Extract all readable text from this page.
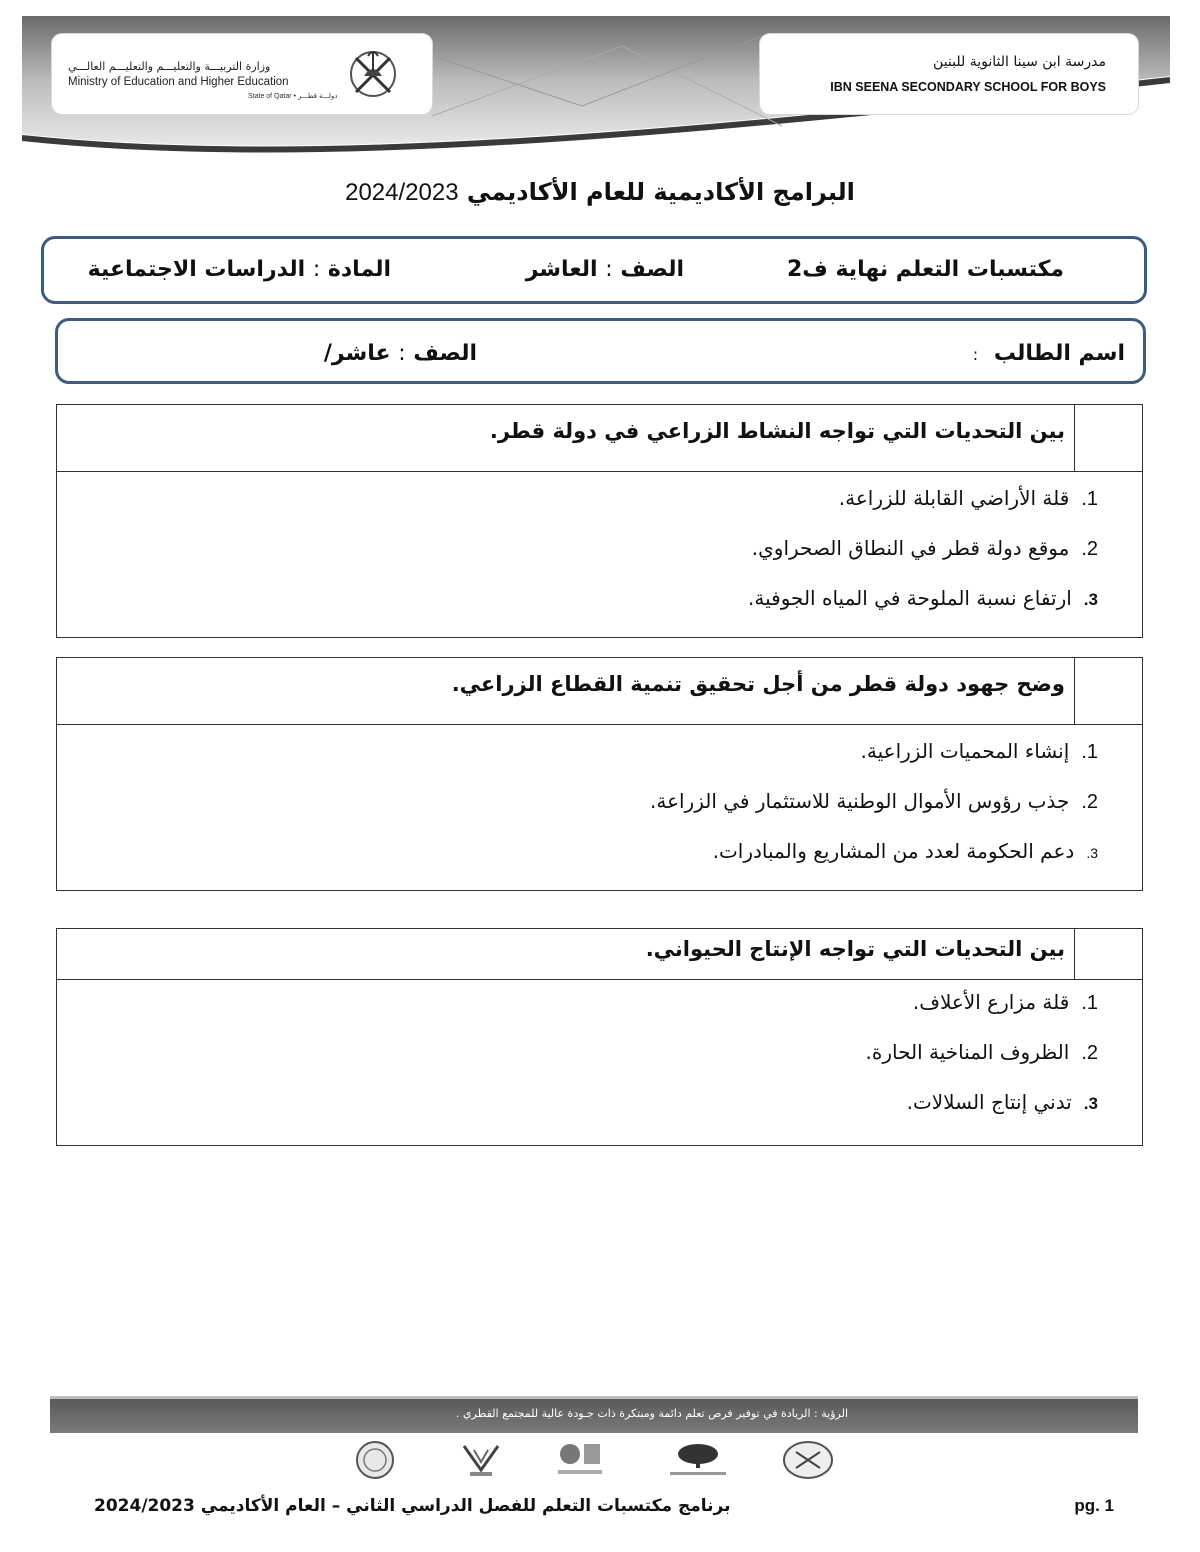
وزارة التربيـــة والتعليـــم والتعليـــم العالـــي
Ministry of Education and Higher Education
State of Qatar • دولـــة قطـــر
مدرسة ابن سينا الثانوية للبنين
IBN SEENA SECONDARY SCHOOL FOR BOYS
البرامج الأكاديمية للعام الأكاديمي 2024/2023
مكتسبات التعلم نهاية ف2
الصف : العاشر
المادة : الدراسات الاجتماعية
اسم الطالب :
الصف : عاشر/
بين التحديات التي تواجه النشاط الزراعي في دولة قطر.
1.
قلة الأراضي القابلة للزراعة.
2.
موقع دولة قطر في النطاق الصحراوي.
3.
ارتفاع نسبة الملوحة في المياه الجوفية.
وضح جهود دولة قطر من أجل تحقيق تنمية القطاع الزراعي.
1.
إنشاء المحميات الزراعية.
2.
جذب رؤوس الأموال الوطنية للاستثمار في الزراعة.
3.
دعم الحكومة لعدد من المشاريع والمبادرات.
بين التحديات التي تواجه الإنتاج الحيواني.
1.
قلة مزارع الأعلاف.
2.
الظروف المناخية الحارة.
3.
تدني إنتاج السلالات.
الرؤية : الريادة في توفير فرص تعلم دائمة ومبتكرة ذات جـودة عالية للمجتمع القطري .
برنامج مكتسبات التعلم للفصل الدراسي الثاني – العام الأكاديمي 2024/2023	pg. 1
